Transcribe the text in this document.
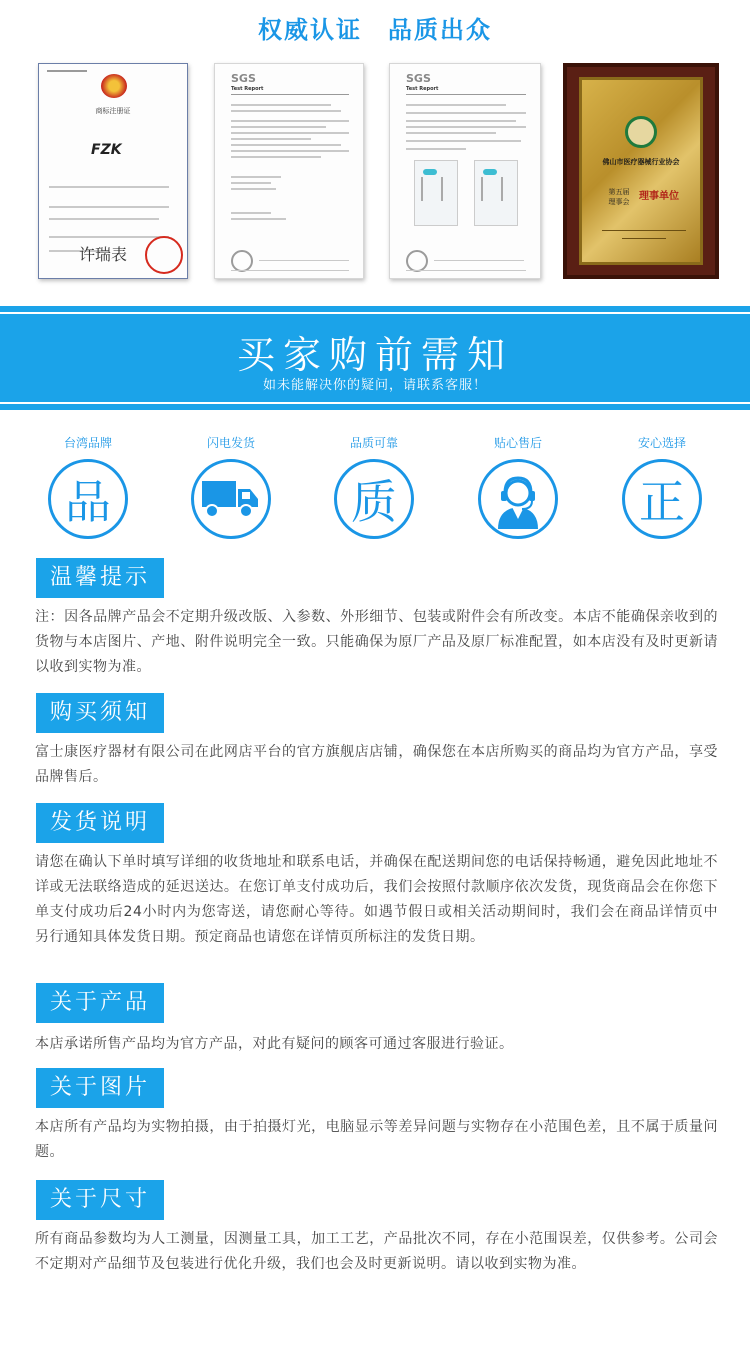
权威认证 品质出众
商标注册证
FZK
许瑞表
SGS
Test Report
SGS
Test Report
佛山市医疗器械行业协会
第五届
理事会 理事单位
买家购前需知
如未能解决你的疑问，请联系客服！
台湾品牌
品
闪电发货	品质可靠
质
贴心售后	安心选择
正
温馨提示
注：因各品牌产品会不定期升级改版、入参数、外形细节、包装或附件会有所改变。本店不能确保亲收到的货物与本店图片、产地、附件说明完全一致。只能确保为原厂产品及原厂标准配置，如本店没有及时更新请以收到实物为准。
购买须知
富士康医疗器材有限公司在此网店平台的官方旗舰店店铺，确保您在本店所购买的商品均为官方产品，享受品牌售后。
发货说明
请您在确认下单时填写详细的收货地址和联系电话，并确保在配送期间您的电话保持畅通，避免因此地址不详或无法联络造成的延迟送达。在您订单支付成功后，我们会按照付款顺序依次发货，现货商品会在你您下单支付成功后24小时内为您寄送，请您耐心等待。如遇节假日或相关活动期间时，我们会在商品详情页中另行通知具体发货日期。预定商品也请您在详情页所标注的发货日期。
关于产品
本店承诺所售产品均为官方产品，对此有疑问的顾客可通过客服进行验证。
关于图片
本店所有产品均为实物拍摄，由于拍摄灯光，电脑显示等差异问题与实物存在小范围色差，且不属于质量问题。
关于尺寸
所有商品参数均为人工测量，因测量工具，加工工艺，产品批次不同，存在小范围误差，仅供参考。公司会不定期对产品细节及包装进行优化升级，我们也会及时更新说明。请以收到实物为准。
